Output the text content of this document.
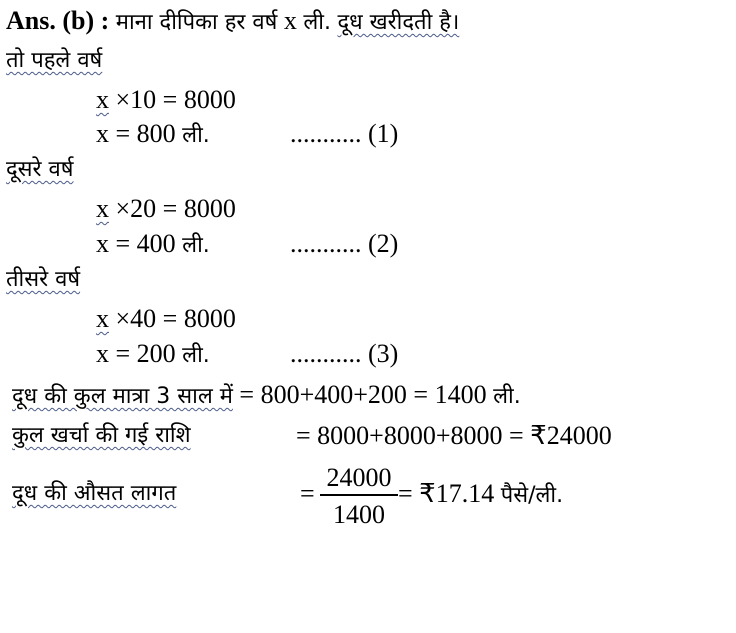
Ans. (b) : माना दीपिका हर वर्ष x ली. दूध खरीदती है।
तो पहले वर्ष
x ×10 = 8000
x = 800 ली.	........... (1)
दूसरे वर्ष
x ×20 = 8000
x = 400 ली.	........... (2)
तीसरे वर्ष
x ×40 = 8000
x = 200 ली.	........... (3)
दूध की कुल मात्रा 3 साल में = 800+400+200 = 1400 ली.
कुल खर्चा की गई राशि	= 8000+8000+8000 = ₹24000
दूध की औसत लागत	=
24000
1400
= ₹17.14 पैसे/ली.
